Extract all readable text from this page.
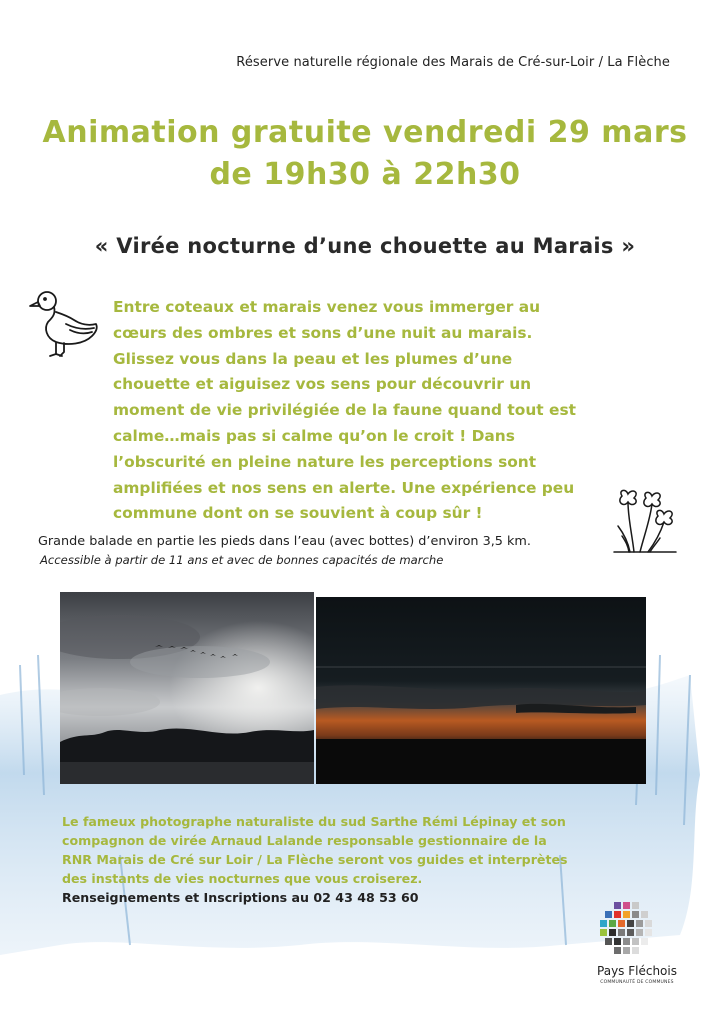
Réserve naturelle régionale des Marais de Cré-sur-Loir / La Flèche
Animation gratuite vendredi 29 mars
de 19h30 à 22h30
« Virée nocturne d’une chouette au Marais »

Entre coteaux et marais venez vous immerger au

cœurs des ombres et sons d’une nuit au marais.

Glissez vous dans la peau et les plumes d’une

chouette et aiguisez vos sens pour découvrir un

moment de vie privilégiée de la faune quand tout est

calme…mais pas si calme qu’on le croit ! Dans

l’obscurité en pleine nature les perceptions sont

amplifiées et nos sens en alerte. Une expérience peu

commune dont on se souvient à coup sûr !

Grande balade en partie les pieds dans l’eau (avec bottes) d’environ 3,5 km.
Accessible à partir de 11 ans et avec de bonnes capacités de marche
Le fameux photographe naturaliste du sud Sarthe Rémi Lépinay et son
compagnon de virée Arnaud Lalande responsable gestionnaire de la
RNR Marais de Cré sur Loir / La Flèche seront vos guides et interprètes
des instants de vies nocturnes que vous croiserez.
Renseignements et Inscriptions au 02 43 48 53 60
Pays Fléchois
COMMUNAUTÉ DE COMMUNES
